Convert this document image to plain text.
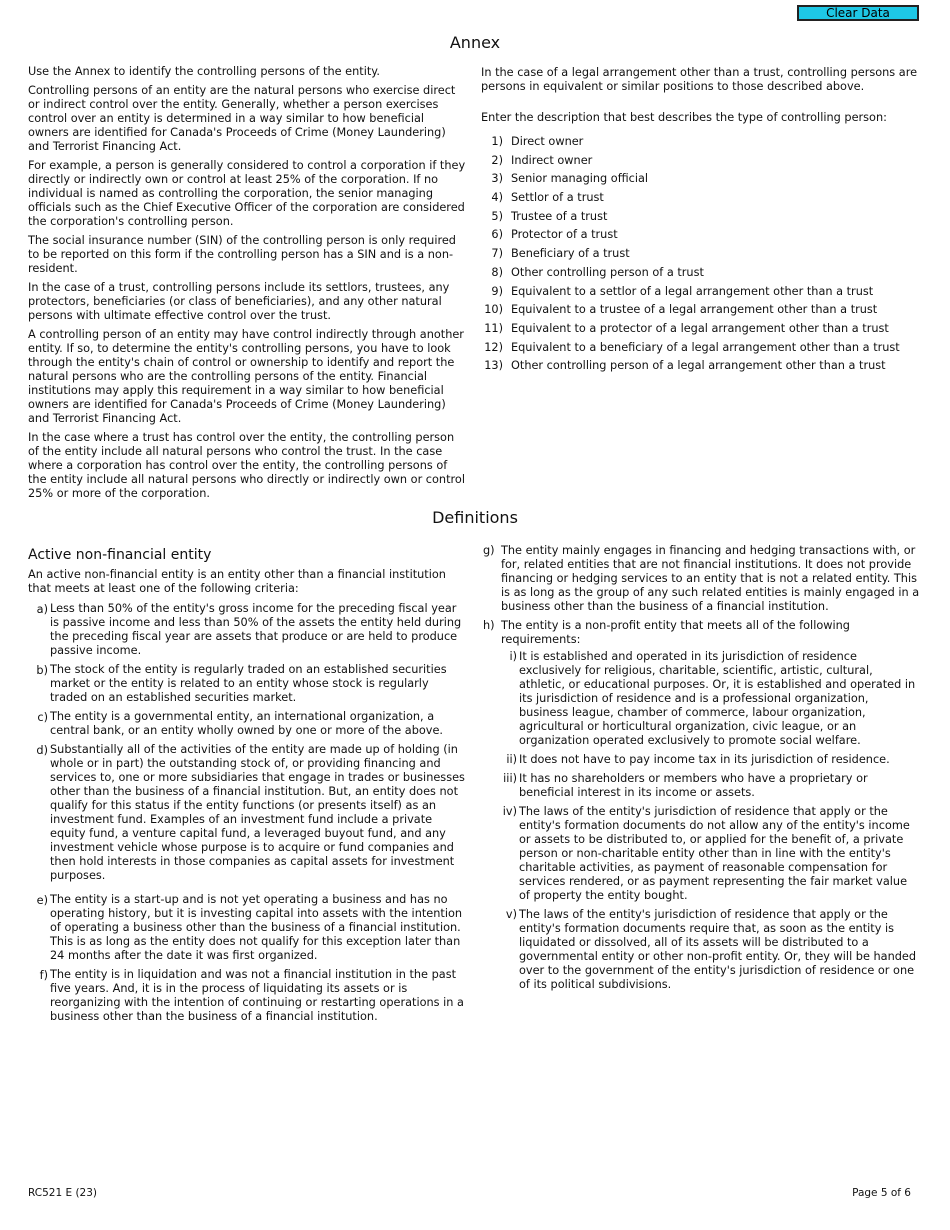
Clear Data
Annex

Use the Annex to identify the controlling persons of the entity.

Controlling persons of an entity are the natural persons who exercise direct or indirect control over the entity. Generally, whether a person exercises control over an entity is determined in a way similar to how beneficial owners are identified for Canada's Proceeds of Crime (Money Laundering) and Terrorist Financing Act.

For example, a person is generally considered to control a corporation if they directly or indirectly own or control at least 25% of the corporation. If no individual is named as controlling the corporation, the senior managing officials such as the Chief Executive Officer of the corporation are considered the corporation's controlling person.

The social insurance number (SIN) of the controlling person is only required to be reported on this form if the controlling person has a SIN and is a non-resident.

In the case of a trust, controlling persons include its settlors, trustees, any protectors, beneficiaries (or class of beneficiaries), and any other natural persons with ultimate effective control over the trust.

A controlling person of an entity may have control indirectly through another entity. If so, to determine the entity's controlling persons, you have to look through the entity's chain of control or ownership to identify and report the natural persons who are the controlling persons of the entity. Financial institutions may apply this requirement in a way similar to how beneficial owners are identified for Canada's Proceeds of Crime (Money Laundering) and Terrorist Financing Act.

In the case where a trust has control over the entity, the controlling person of the entity include all natural persons who control the trust. In the case where a corporation has control over the entity, the controlling persons of the entity include all natural persons who directly or indirectly own or control 25% or more of the corporation.

In the case of a legal arrangement other than a trust, controlling persons are persons in equivalent or similar positions to those described above.

Enter the description that best describes the type of controlling person:

1) Direct owner
2) Indirect owner
3) Senior managing official
4) Settlor of a trust
5) Trustee of a trust
6) Protector of a trust
7) Beneficiary of a trust
8) Other controlling person of a trust
9) Equivalent to a settlor of a legal arrangement other than a trust
10) Equivalent to a trustee of a legal arrangement other than a trust
11) Equivalent to a protector of a legal arrangement other than a trust
12) Equivalent to a beneficiary of a legal arrangement other than a trust
13) Other controlling person of a legal arrangement other than a trust
Definitions
Active non-financial entity

An active non-financial entity is an entity other than a financial institution that meets at least one of the following criteria:

a) Less than 50% of the entity's gross income for the preceding fiscal year is passive income and less than 50% of the assets the entity held during the preceding fiscal year are assets that produce or are held to produce passive income.
b) The stock of the entity is regularly traded on an established securities market or the entity is related to an entity whose stock is regularly traded on an established securities market.
c) The entity is a governmental entity, an international organization, a central bank, or an entity wholly owned by one or more of the above.
d) Substantially all of the activities of the entity are made up of holding (in whole or in part) the outstanding stock of, or providing financing and services to, one or more subsidiaries that engage in trades or businesses other than the business of a financial institution. But, an entity does not qualify for this status if the entity functions (or presents itself) as an investment fund. Examples of an investment fund include a private equity fund, a venture capital fund, a leveraged buyout fund, and any investment vehicle whose purpose is to acquire or fund companies and then hold interests in those companies as capital assets for investment purposes.
e) The entity is a start-up and is not yet operating a business and has no operating history, but it is investing capital into assets with the intention of operating a business other than the business of a financial institution. This is as long as the entity does not qualify for this exception later than 24 months after the date it was first organized.
f) The entity is in liquidation and was not a financial institution in the past five years. And, it is in the process of liquidating its assets or is reorganizing with the intention of continuing or restarting operations in a business other than the business of a financial institution.
g) The entity mainly engages in financing and hedging transactions with, or for, related entities that are not financial institutions. It does not provide financing or hedging services to an entity that is not a related entity. This is as long as the group of any such related entities is mainly engaged in a business other than the business of a financial institution.
h) The entity is a non-profit entity that meets all of the following requirements:
i) It is established and operated in its jurisdiction of residence exclusively for religious, charitable, scientific, artistic, cultural, athletic, or educational purposes. Or, it is established and operated in its jurisdiction of residence and is a professional organization, business league, chamber of commerce, labour organization, agricultural or horticultural organization, civic league, or an organization operated exclusively to promote social welfare.
ii) It does not have to pay income tax in its jurisdiction of residence.
iii) It has no shareholders or members who have a proprietary or beneficial interest in its income or assets.
iv) The laws of the entity's jurisdiction of residence that apply or the entity's formation documents do not allow any of the entity's income or assets to be distributed to, or applied for the benefit of, a private person or non-charitable entity other than in line with the entity's charitable activities, as payment of reasonable compensation for services rendered, or as payment representing the fair market value of property the entity bought.
v) The laws of the entity's jurisdiction of residence that apply or the entity's formation documents require that, as soon as the entity is liquidated or dissolved, all of its assets will be distributed to a governmental entity or other non-profit entity. Or, they will be handed over to the government of the entity's jurisdiction of residence or one of its political subdivisions.
RC521 E (23)	Page 5 of 6
